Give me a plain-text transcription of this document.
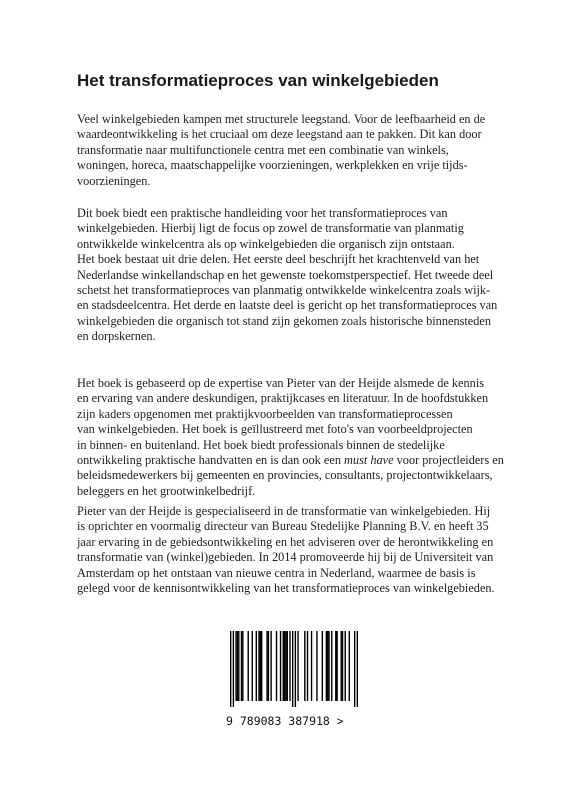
Het transformatieproces van winkelgebieden
Veel winkelgebieden kampen met structurele leegstand. Voor de leefbaarheid en de
waardeontwikkeling is het cruciaal om deze leegstand aan te pakken. Dit kan door
transformatie naar multifunctionele centra met een combinatie van winkels,
woningen, horeca, maatschappelijke voorzieningen, werkplekken en vrije tijds-
voorzieningen.
Dit boek biedt een praktische handleiding voor het transformatieproces van
winkelgebieden. Hierbij ligt de focus op zowel de transformatie van planmatig
ontwikkelde winkelcentra als op winkelgebieden die organisch zijn ontstaan.
Het boek bestaat uit drie delen. Het eerste deel beschrijft het krachtenveld van het
Nederlandse winkellandschap en het gewenste toekomstperspectief. Het tweede deel
schetst het transformatieproces van planmatig ontwikkelde winkelcentra zoals wijk-
en stadsdeelcentra. Het derde en laatste deel is gericht op het transformatieproces van
winkelgebieden die organisch tot stand zijn gekomen zoals historische binnensteden
en dorpskernen.
Het boek is gebaseerd op de expertise van Pieter van der Heijde alsmede de kennis
en ervaring van andere deskundigen, praktijkcases en literatuur. In de hoofdstukken
zijn kaders opgenomen met praktijkvoorbeelden van transformatieprocessen
van winkelgebieden. Het boek is geïllustreerd met foto's van voorbeeldprojecten
in binnen- en buitenland. Het boek biedt professionals binnen de stedelijke
ontwikkeling praktische handvatten en is dan ook een must have voor projectleiders en
beleidsmedewerkers bij gemeenten en provincies, consultants, projectontwikkelaars,
beleggers en het grootwinkelbedrijf.
Pieter van der Heijde is gespecialiseerd in de transformatie van winkelgebieden. Hij
is oprichter en voormalig directeur van Bureau Stedelijke Planning B.V. en heeft 35
jaar ervaring in de gebiedsontwikkeling en het adviseren over de herontwikkeling en
transformatie van (winkel)gebieden. In 2014 promoveerde hij bij de Universiteit van
Amsterdam op het ontstaan van nieuwe centra in Nederland, waarmee de basis is
gelegd voor de kennisontwikkeling van het transformatieproces van winkelgebieden.
9 789083 387918 >
